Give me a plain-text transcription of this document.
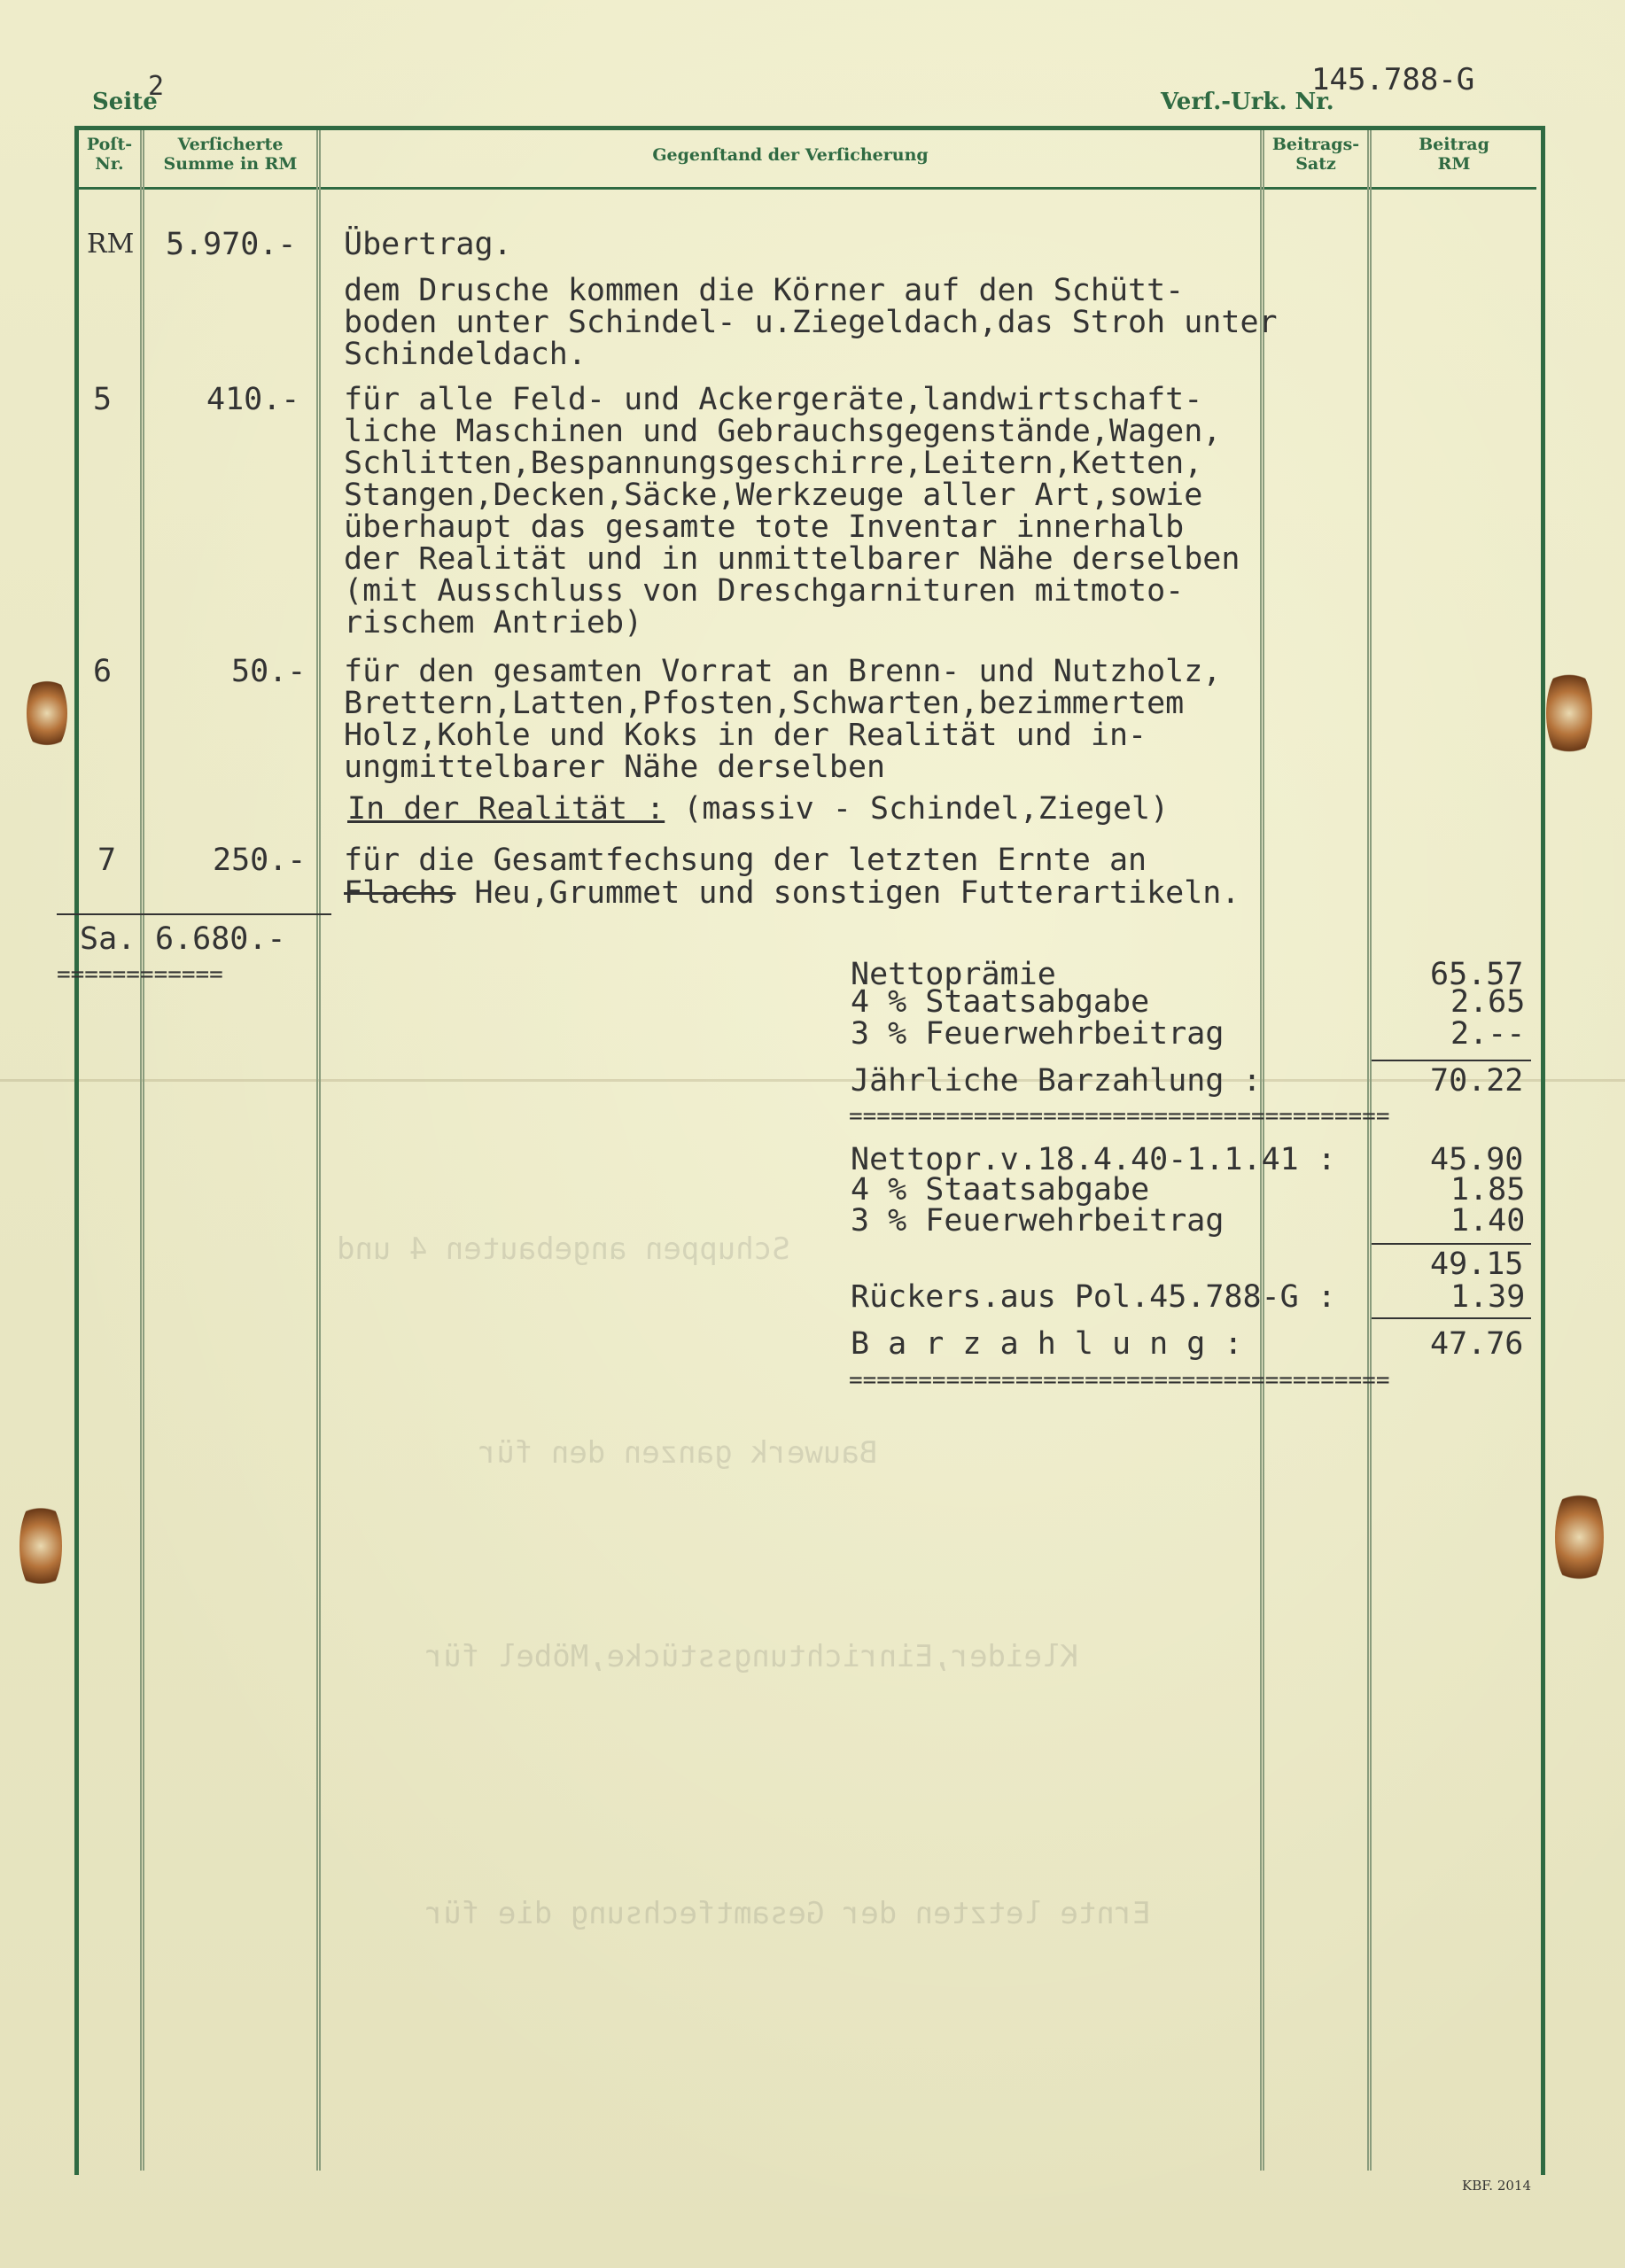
Schuppen angebauten 4 und
Bauwerk ganzen den für
Kleider,Einrichtungsstücke,Möbel für
Ernte letzten der Gesamtfechsung die für
Seite
2	Verſ.-Urk. Nr.
145.788-G
Poſt-
Nr.
Verſicherte
Summe in RM	Gegenſtand der Verſicherung
Beitrags-
Satz
Beitrag
RM
RM 5.970.- Übertrag.
dem Drusche kommen die Körner auf den Schütt-
boden unter Schindel- u.Ziegeldach,das Stroh unter
Schindeldach.
5	410.- für alle Feld- und Ackergeräte,landwirtschaft-
liche Maschinen und Gebrauchsgegenstände,Wagen,
Schlitten,Bespannungsgeschirre,Leitern,Ketten,
Stangen,Decken,Säcke,Werkzeuge aller Art,sowie
überhaupt das gesamte tote Inventar innerhalb
der Realität und in unmittelbarer Nähe derselben
(mit Ausschluss von Dreschgarnituren mitmoto-
rischem Antrieb)
6	50.- für den gesamten Vorrat an Brenn- und Nutzholz,
Brettern,Latten,Pfosten,Schwarten,bezimmertem
Holz,Kohle und Koks in der Realität und in-
ungmittelbarer Nähe derselben
In der Realität : (massiv - Schindel,Ziegel)
7	250.- für die Gesamtfechsung der letzten Ernte an
Flachs Heu,Grummet und sonstigen Futterartikeln.
Sa. 6.680.-
============	Nettoprämie	65.57
4 % Staatsabgabe	2.65
3 % Feuerwehrbeitrag	2.--
Jährliche Barzahlung :	70.22
=======================================
Nettopr.v.18.4.40-1.1.41 :	45.90
4 % Staatsabgabe	1.85
3 % Feuerwehrbeitrag	1.40
49.15
Rückers.aus Pol.45.788-G :	1.39
B a r z a h l u n g :	47.76
=======================================
KBF. 2014
